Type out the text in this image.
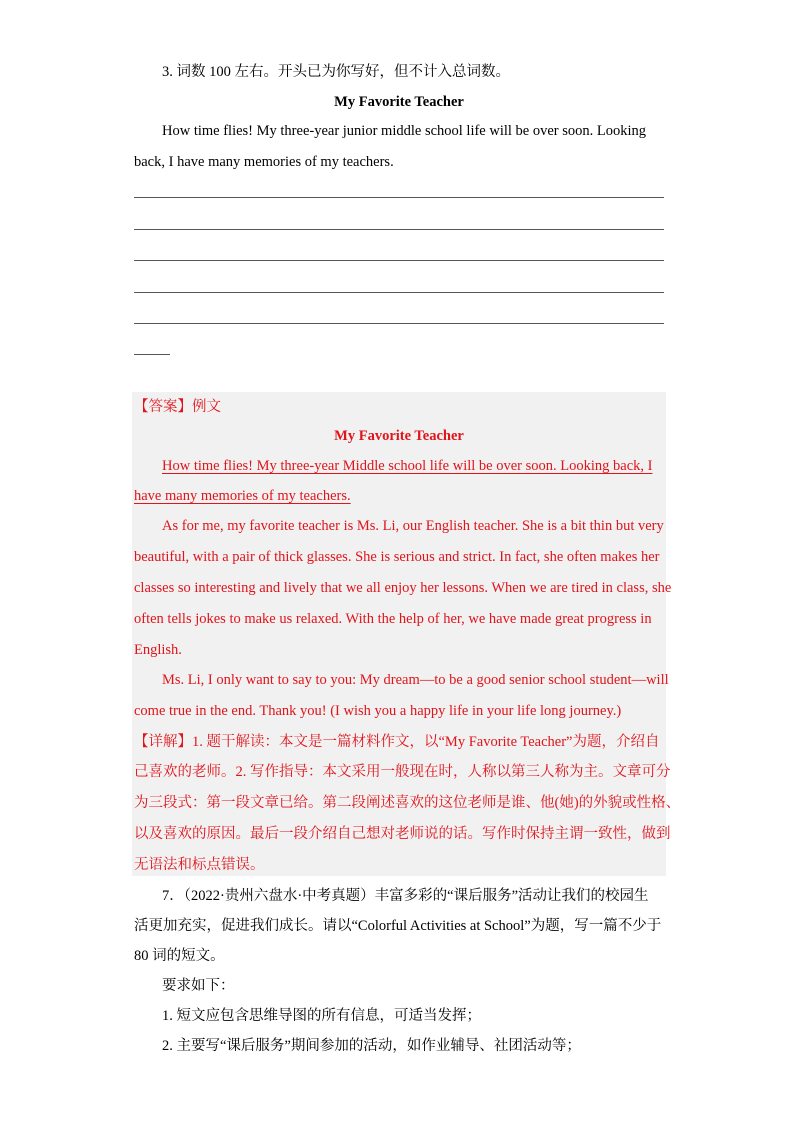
3. 词数 100 左右。开头已为你写好，但不计入总词数。
My Favorite Teacher
How time flies! My three-year junior middle school life will be over soon. Looking
back, I have many memories of my teachers.
【答案】例文
My Favorite Teacher
How time flies! My three-year Middle school life will be over soon. Looking back, I
have many memories of my teachers.
As for me, my favorite teacher is Ms. Li, our English teacher. She is a bit thin but very
beautiful, with a pair of thick glasses. She is serious and strict. In fact, she often makes her
classes so interesting and lively that we all enjoy her lessons. When we are tired in class, she
often tells jokes to make us relaxed. With the help of her, we have made great progress in
English.
Ms. Li, I only want to say to you: My dream—to be a good senior school student—will
come true in the end. Thank you! (I wish you a happy life in your life long journey.)
【详解】1. 题干解读：本文是一篇材料作文，以“My Favorite Teacher”为题，介绍自
己喜欢的老师。2. 写作指导：本文采用一般现在时，人称以第三人称为主。文章可分
为三段式：第一段文章已给。第二段阐述喜欢的这位老师是谁、他(她)的外貌或性格、
以及喜欢的原因。最后一段介绍自己想对老师说的话。写作时保持主谓一致性，做到
无语法和标点错误。
7．（2022·贵州六盘水·中考真题）丰富多彩的“课后服务”活动让我们的校园生
活更加充实，促进我们成长。请以“Colorful Activities at School”为题，写一篇不少于
80 词的短文。
要求如下：
1. 短文应包含思维导图的所有信息，可适当发挥；
2. 主要写“课后服务”期间参加的活动，如作业辅导、社团活动等；
